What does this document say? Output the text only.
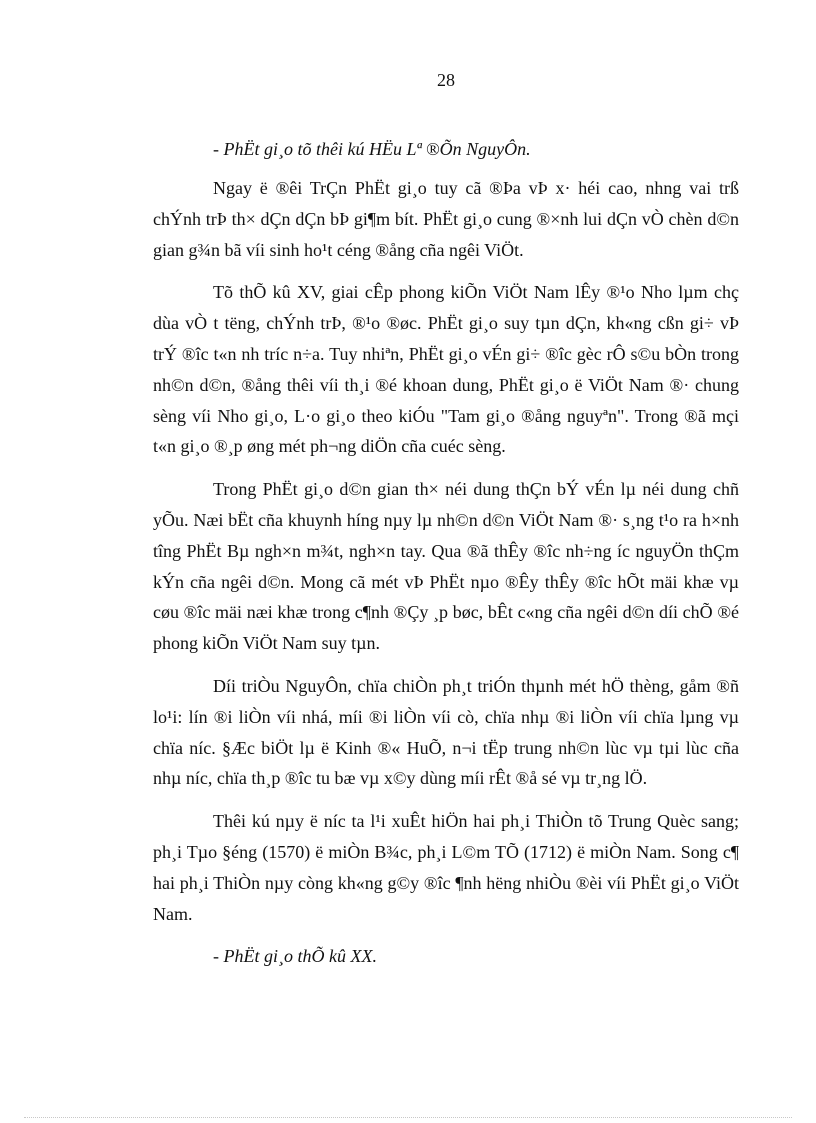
28

- PhËt gi¸o tõ thêi kú HËu Lª ®Õn NguyÔn.

Ngay ë ®êi TrÇn PhËt gi¸o tuy cã ®Þa vÞ x· héi cao, nhng vai trß chÝnh trÞ th× dÇn dÇn bÞ gi¶m bít. PhËt gi¸o cung ®×nh lui dÇn vÒ chèn d©n gian g¾n bã víi sinh ho¹t céng ®ång cña ngêi ViÖt.

Tõ thÕ kû XV, giai cÊp phong kiÕn ViÖt Nam lÊy ®¹o Nho lµm chç dùa vÒ t tëng, chÝnh trÞ, ®¹o ®øc. PhËt gi¸o suy tµn dÇn, kh«ng cßn gi÷ vÞ trÝ ®îc t«n nh tríc n÷a. Tuy nhiªn, PhËt gi¸o vÉn gi÷ ®îc gèc rÔ s©u bÒn trong nh©n d©n, ®ång thêi víi th¸i ®é khoan dung, PhËt gi¸o ë ViÖt Nam ®· chung sèng víi Nho gi¸o, L·o gi¸o theo kiÓu "Tam gi¸o ®ång nguyªn". Trong ®ã mçi t«n gi¸o ®¸p øng mét ph¬ng diÖn cña cuéc sèng.

Trong PhËt gi¸o d©n gian th× néi dung thÇn bÝ vÉn lµ néi dung chñ yÕu. Næi bËt cña khuynh híng nµy lµ nh©n d©n ViÖt Nam ®· s¸ng t¹o ra h×nh tîng PhËt Bµ ngh×n m¾t, ngh×n tay. Qua ®ã thÊy ®îc nh÷ng íc nguyÖn thÇm kÝn cña ngêi d©n. Mong cã mét vÞ PhËt nµo ®Êy thÊy ®îc hÕt mäi khæ vµ cøu ®îc mäi næi khæ trong c¶nh ®Çy ¸p bøc, bÊt c«ng cña ngêi d©n díi chÕ ®é phong kiÕn ViÖt Nam suy tµn.

Díi triÒu NguyÔn, chïa chiÒn ph¸t triÓn thµnh mét hÖ thèng, gåm ®ñ lo¹i: lín ®i liÒn víi nhá, míi ®i liÒn víi cò, chïa nhµ ®i liÒn víi chïa lµng vµ chïa níc. §Æc biÖt lµ ë Kinh ®« HuÕ, n¬i tËp trung nh©n lùc vµ tµi lùc cña nhµ níc, chïa th¸p ®îc tu bæ vµ x©y dùng míi rÊt ®å sé vµ tr¸ng lÖ.

Thêi kú nµy ë níc ta l¹i xuÊt hiÖn hai ph¸i ThiÒn tõ Trung Quèc sang; ph¸i Tµo §éng (1570) ë miÒn B¾c, ph¸i L©m TÕ (1712) ë miÒn Nam. Song c¶ hai ph¸i ThiÒn nµy còng kh«ng g©y ®îc ¶nh hëng nhiÒu ®èi víi PhËt gi¸o ViÖt Nam.

- PhËt gi¸o thÕ kû XX.
